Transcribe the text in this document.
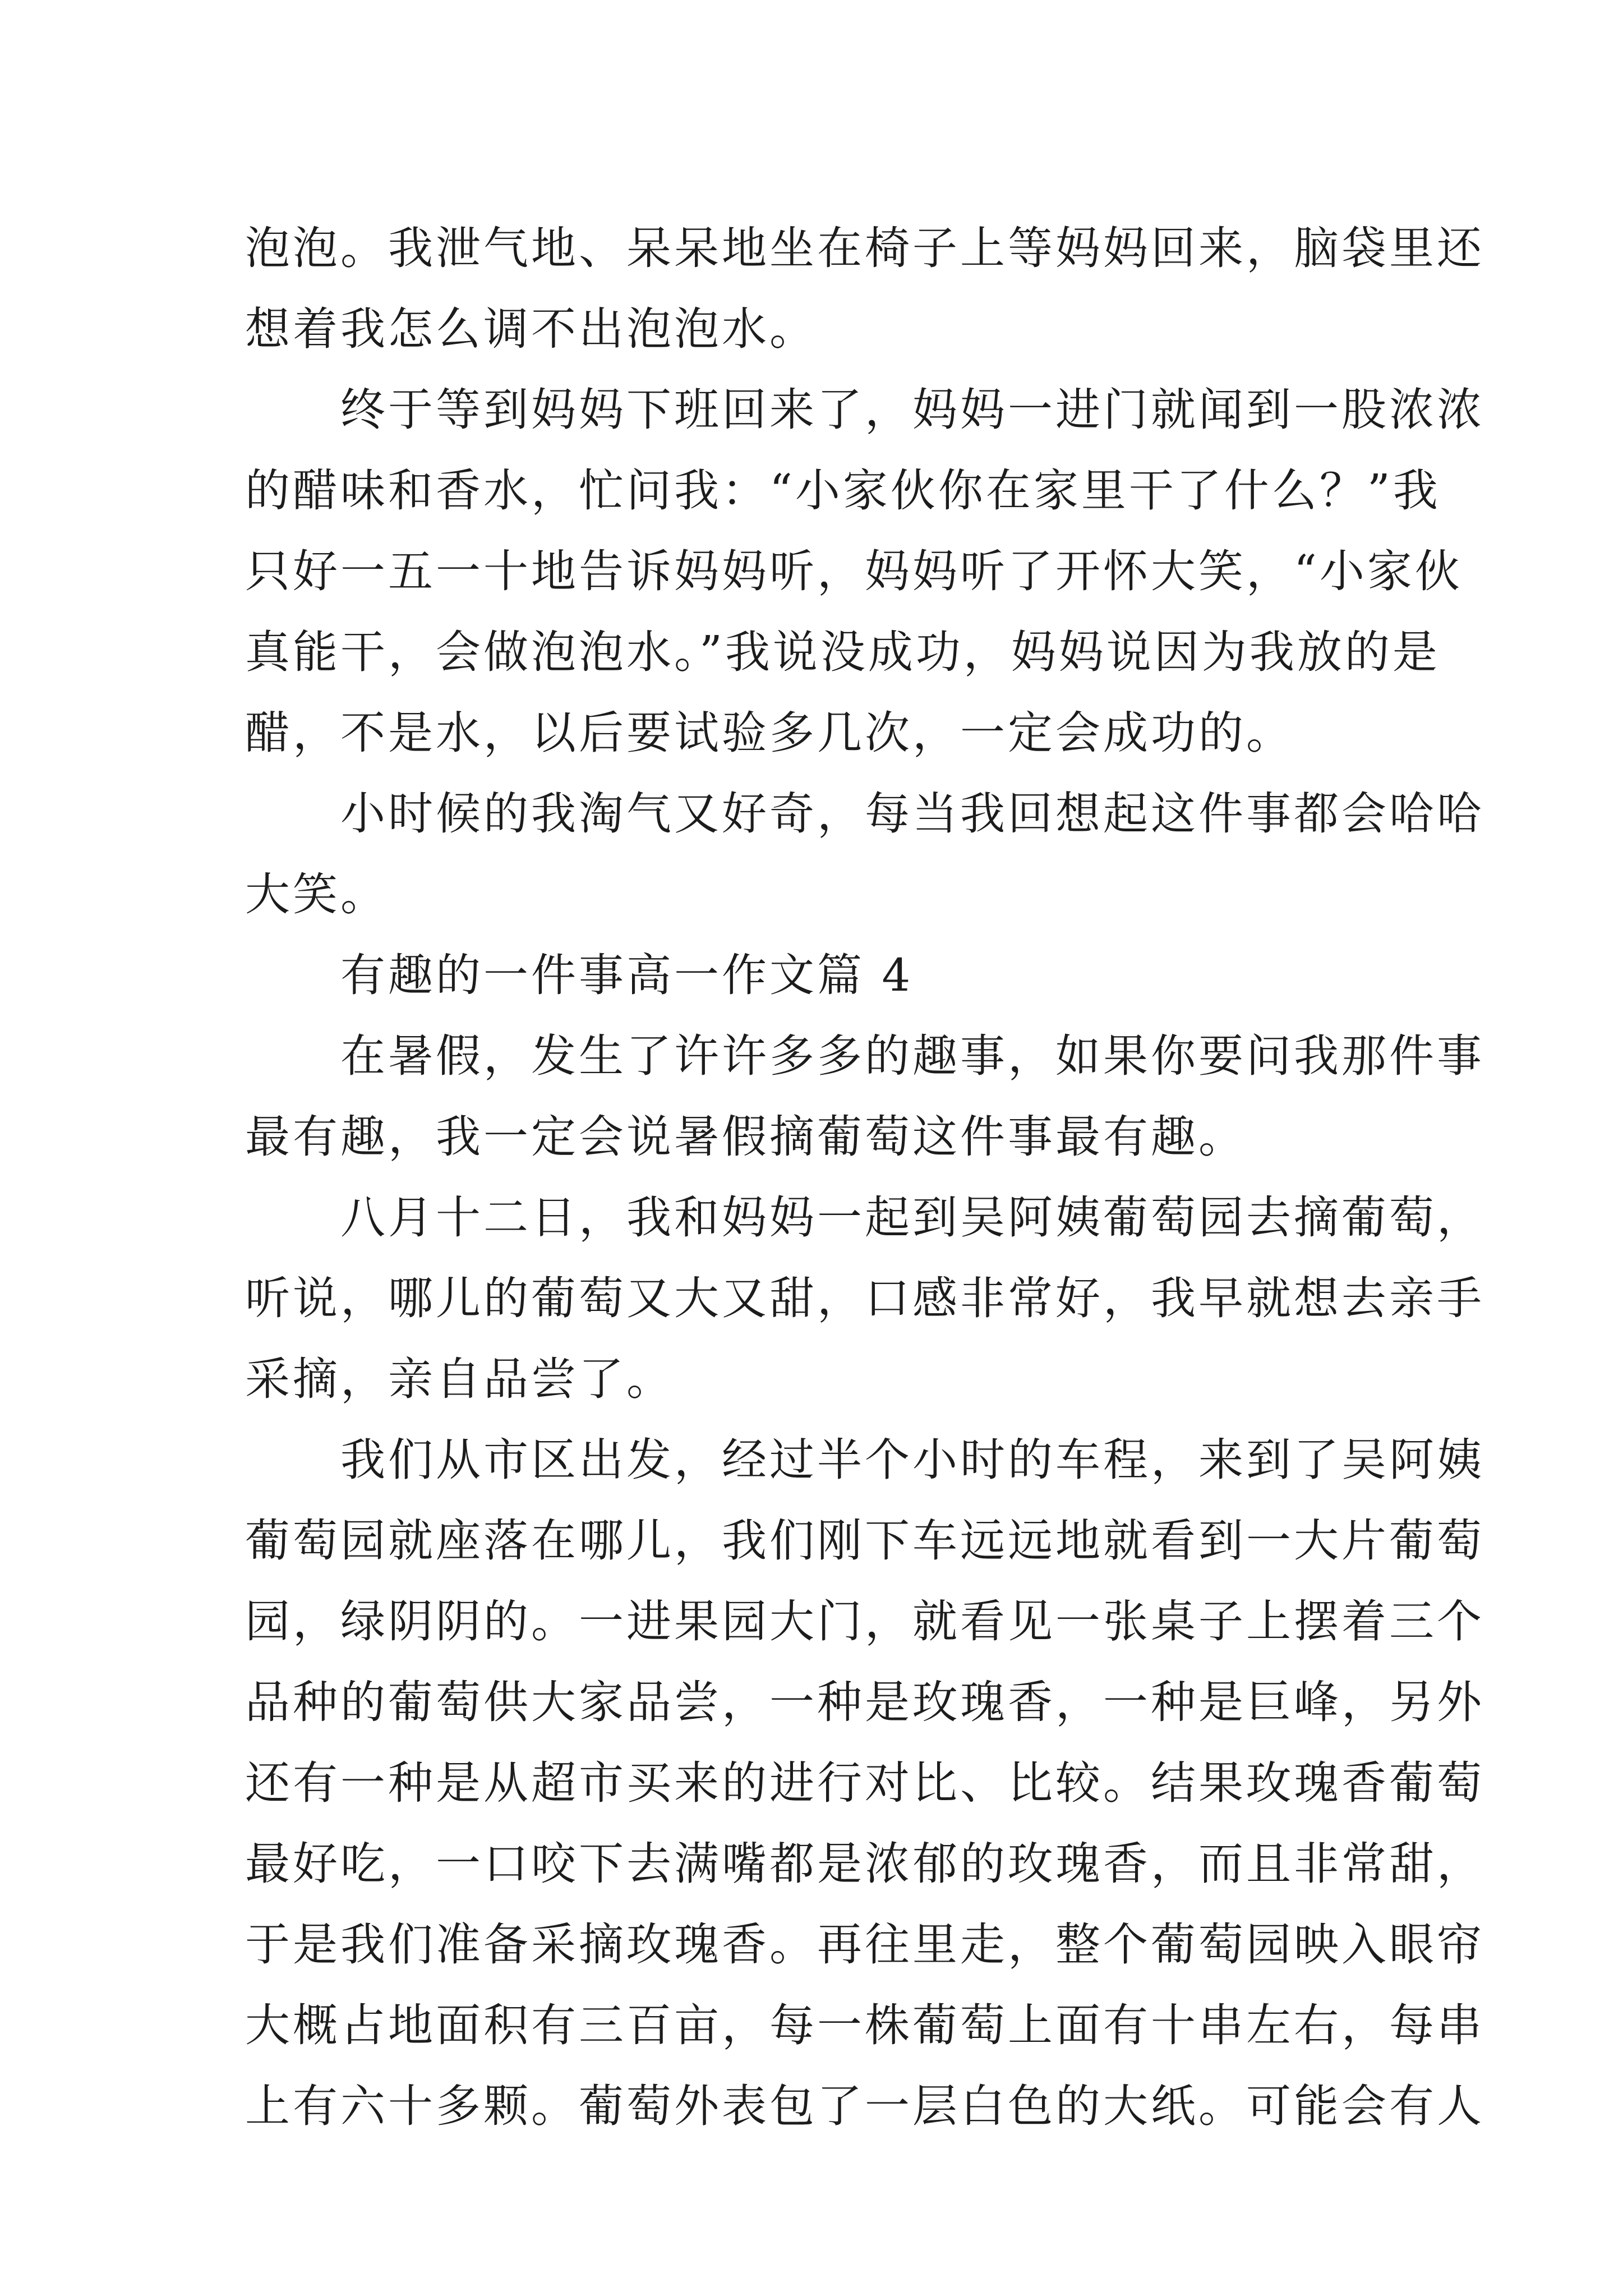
泡泡。我泄气地、呆呆地坐在椅子上等妈妈回来，脑袋里还
想着我怎么调不出泡泡水。
终于等到妈妈下班回来了，妈妈一进门就闻到一股浓浓
的醋味和香水，忙问我：“小家伙你在家里干了什么？”我
只好一五一十地告诉妈妈听，妈妈听了开怀大笑，“小家伙
真能干，会做泡泡水。”我说没成功，妈妈说因为我放的是
醋，不是水，以后要试验多几次，一定会成功的。
小时候的我淘气又好奇，每当我回想起这件事都会哈哈
大笑。
有趣的一件事高一作文篇 4
在暑假，发生了许许多多的趣事，如果你要问我那件事
最有趣，我一定会说暑假摘葡萄这件事最有趣。
八月十二日，我和妈妈一起到吴阿姨葡萄园去摘葡萄，
听说，哪儿的葡萄又大又甜，口感非常好，我早就想去亲手
采摘，亲自品尝了。
我们从市区出发，经过半个小时的车程，来到了吴阿姨
葡萄园就座落在哪儿，我们刚下车远远地就看到一大片葡萄
园，绿阴阴的。一进果园大门，就看见一张桌子上摆着三个
品种的葡萄供大家品尝，一种是玫瑰香，一种是巨峰，另外
还有一种是从超市买来的进行对比、比较。结果玫瑰香葡萄
最好吃，一口咬下去满嘴都是浓郁的玫瑰香，而且非常甜，
于是我们准备采摘玫瑰香。再往里走，整个葡萄园映入眼帘
大概占地面积有三百亩，每一株葡萄上面有十串左右，每串
上有六十多颗。葡萄外表包了一层白色的大纸。可能会有人
